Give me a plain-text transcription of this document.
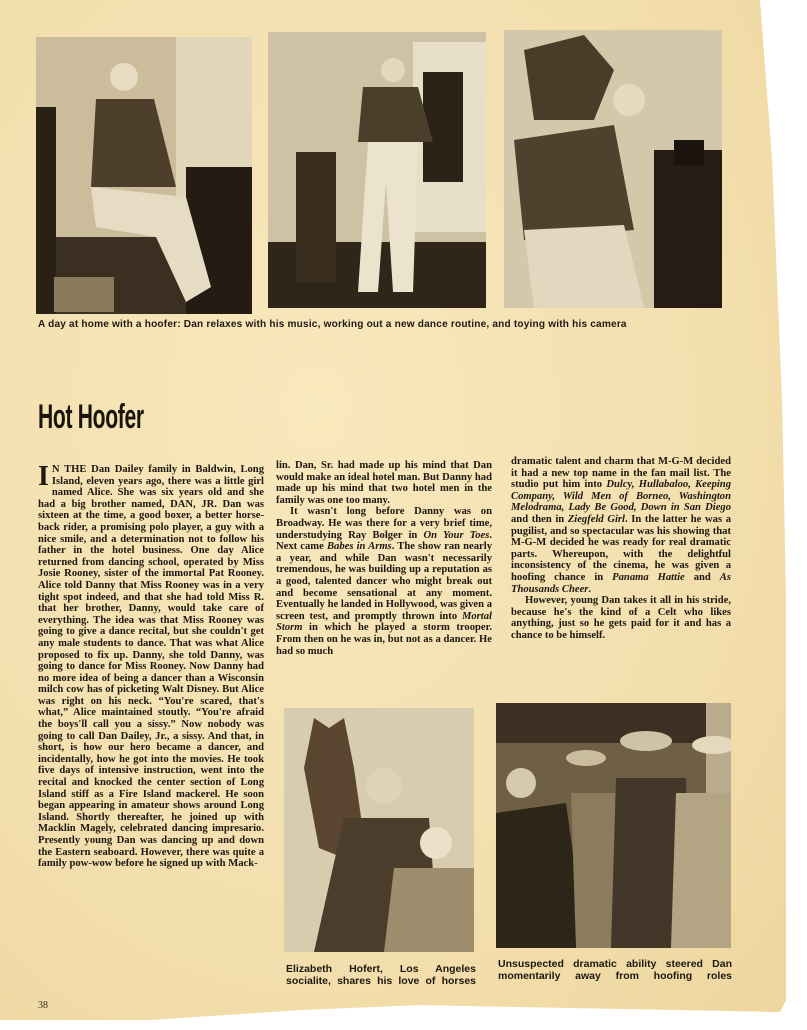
A day at home with a hoofer: Dan relaxes with his music, working out a new dance routine, and toying with his camera
Hot Hoofer

I N THE Dan Dailey family in Baldwin, Long Island, eleven years ago, there was a little girl named Alice. She was six years old and she had a big brother named, DAN, JR. Dan was sixteen at the time, a good boxer, a better horse-back rider, a promising polo player, a guy with a nice smile, and a determination not to follow his father in the hotel business. One day Alice returned from dancing school, operated by Miss Josie Rooney, sister of the immortal Pat Rooney. Alice told Danny that Miss Rooney was in a very tight spot indeed, and that she had told Miss R. that her brother, Danny, would take care of everything. The idea was that Miss Rooney was going to give a dance recital, but she couldn't get any male students to dance. That was what Alice proposed to fix up. Danny, she told Danny, was going to dance for Miss Rooney. Now Danny had no more idea of being a dancer than a Wisconsin milch cow has of picketing Walt Disney. But Alice was right on his neck. “You're scared, that's what,” Alice maintained stoutly. “You're afraid the boys'll call you a sissy.” Now nobody was going to call Dan Dailey, Jr., a sissy. And that, in short, is how our hero became a dancer, and incidentally, how he got into the movies. He took five days of intensive instruction, went into the recital and knocked the center section of Long Island stiff as a Fire Island mackerel. He soon began appearing in amateur shows around Long Island. Shortly thereafter, he joined up with Macklin Magely, celebrated dancing impresario. Presently young Dan was dancing up and down the Eastern seaboard. However, there was quite a family pow-wow before he signed up with Mack-

lin. Dan, Sr. had made up his mind that Dan would make an ideal hotel man. But Danny had made up his mind that two hotel men in the family was one too many.

It wasn't long before Danny was on Broadway. He was there for a very brief time, understudying Ray Bolger in On Your Toes. Next came Babes in Arms. The show ran nearly a year, and while Dan wasn't necessarily tremendous, he was building up a reputation as a good, talented dancer who might break out and become sensational at any moment. Eventually he landed in Hollywood, was given a screen test, and promptly thrown into Mortal Storm in which he played a storm trooper. From then on he was in, but not as a dancer. He had so much

dramatic talent and charm that M-G-M decided it had a new top name in the fan mail list. The studio put him into Dulcy, Hullabaloo, Keeping Company, Wild Men of Borneo, Washington Melodrama, Lady Be Good, Down in San Diego and then in Ziegfeld Girl. In the latter he was a pugilist, and so spectacular was his showing that M-G-M decided he was ready for real dramatic parts. Whereupon, with the delightful inconsistency of the cinema, he was given a hoofing chance in Panama Hattie and As Thousands Cheer.

However, young Dan takes it all in his stride, because he's the kind of a Celt who likes anything, just so he gets paid for it and has a chance to be himself.

Elizabeth Hofert, Los Angeles socialite, shares his love of horses
Unsuspected dramatic ability steered Dan momentarily away from hoofing roles
38
